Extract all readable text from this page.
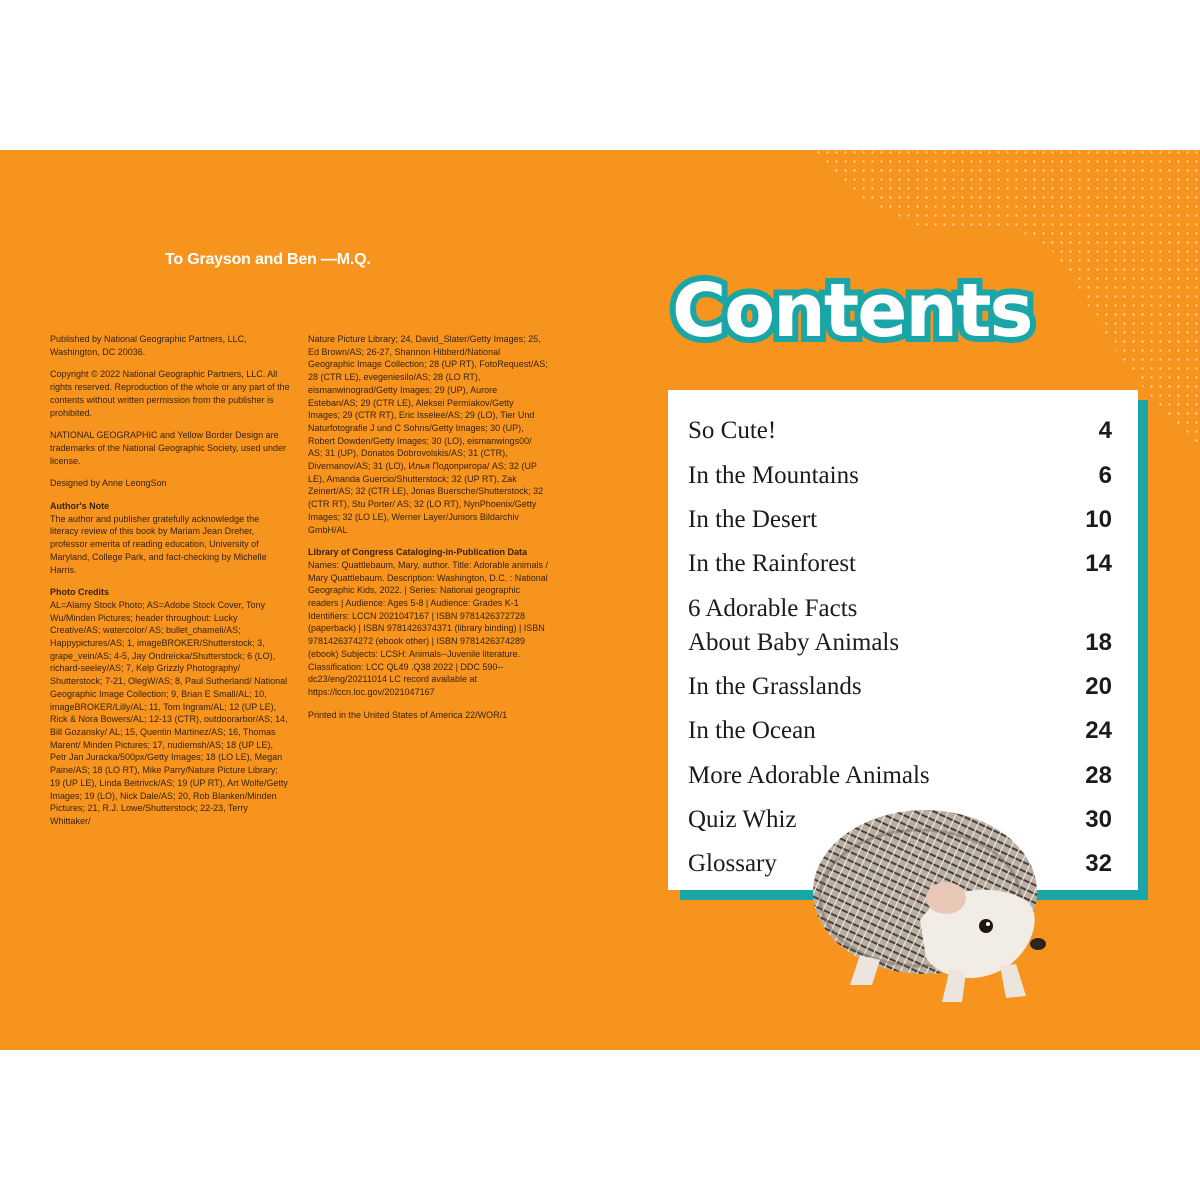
To Grayson and Ben —M.Q.

Published by National Geographic Partners, LLC, Washington, DC 20036.

Copyright © 2022 National Geographic Partners, LLC. All rights reserved. Reproduction of the whole or any part of the contents without written permission from the publisher is prohibited.

NATIONAL GEOGRAPHIC and Yellow Border Design are trademarks of the National Geographic Society, used under license.

Designed by Anne LeongSon

Author's Note

The author and publisher gratefully acknowledge the literacy review of this book by Mariam Jean Dreher, professor emerita of reading education, University of Maryland, College Park, and fact-checking by Michelle Harris.

Photo Credits

AL=Alamy Stock Photo; AS=Adobe Stock Cover, Tony Wu/Minden Pictures; header throughout: Lucky Creative/AS; watercolor/ AS; bullet_chameli/AS; Happypictures/AS; 1, imageBROKER/Shutterstock; 3, grape_vein/AS; 4-5, Jay Ondreicka/Shutterstock; 6 (LO), richard-seeley/AS; 7, Kelp Grizzly Photography/ Shutterstock; 7-21, OlegW/AS; 8, Paul Sutherland/ National Geographic Image Collection; 9, Brian E Small/AL; 10, imageBROKER/Lilly/AL; 11, Tom Ingram/AL; 12 (UP LE), Rick & Nora Bowers/AL; 12-13 (CTR), outdoorarbor/AS; 14, Bill Gozansky/ AL; 15, Quentin Martinez/AS; 16, Thomas Marent/ Minden Pictures; 17, nudiemsh/AS; 18 (UP LE), Petr Jan Juracka/500px/Getty Images; 18 (LO LE), Megan Paine/AS; 18 (LO RT), Mike Parry/Nature Picture Library; 19 (UP LE), Linda Beitrivck/AS; 19 (UP RT), Art Wolfe/Getty Images; 19 (LO), Nick Dale/AS; 20, Rob Blanken/Minden Pictures; 21, R.J. Lowe/Shutterstock; 22-23, Terry Whittaker/

Nature Picture Library; 24, David_Slater/Getty Images; 25, Ed Brown/AS; 26-27, Shannon Hibberd/National Geographic Image Collection; 28 (UP RT), FotoRequest/AS; 28 (CTR LE), evegeniesilo/AS; 28 (LO RT), eismanwinograd/Getty Images; 29 (UP), Aurore Esteban/AS; 29 (CTR LE), Aleksei Permiakov/Getty Images; 29 (CTR RT), Eric Isselee/AS; 29 (LO), Tier Und Naturfotografie J und C Sohns/Getty Images; 30 (UP), Robert Dowden/Getty Images; 30 (LO), eismanwings00/ AS; 31 (UP), Donatos Dobrovolskis/AS; 31 (CTR), Divernanov/AS; 31 (LO), Илья Подопригора/ AS; 32 (UP LE), Amanda Guercio/Shutterstock; 32 (UP RT), Zak Zeinert/AS; 32 (CTR LE), Jonas Buersche/Shutterstock; 32 (CTR RT), Stu Porter/ AS; 32 (LO RT), NynPhoenix/Getty Images; 32 (LO LE), Werner Layer/Juniors Bildarchiv GmbH/AL

Library of Congress Cataloging-in-Publication Data

Names: Quattlebaum, Mary, author. Title: Adorable animals / Mary Quattlebaum. Description: Washington, D.C. : National Geographic Kids, 2022. | Series: National geographic readers | Audience: Ages 5-8 | Audience: Grades K-1 Identifiers: LCCN 2021047167 | ISBN 9781426372728 (paperback) | ISBN 9781426374371 (library binding) | ISBN 9781426374272 (ebook other) | ISBN 9781426374289 (ebook) Subjects: LCSH: Animals--Juvenile literature. Classification: LCC QL49 .Q38 2022 | DDC 590--dc23/eng/20211014 LC record available at https://lccn.loc.gov/2021047167

Printed in the United States of America 22/WOR/1

Contents
So Cute!	4
In the Mountains	6
In the Desert	10
In the Rainforest	14
6 Adorable Facts
About Baby Animals	18
In the Grasslands	20
In the Ocean	24
More Adorable Animals	28
Quiz Whiz	30
Glossary	32
